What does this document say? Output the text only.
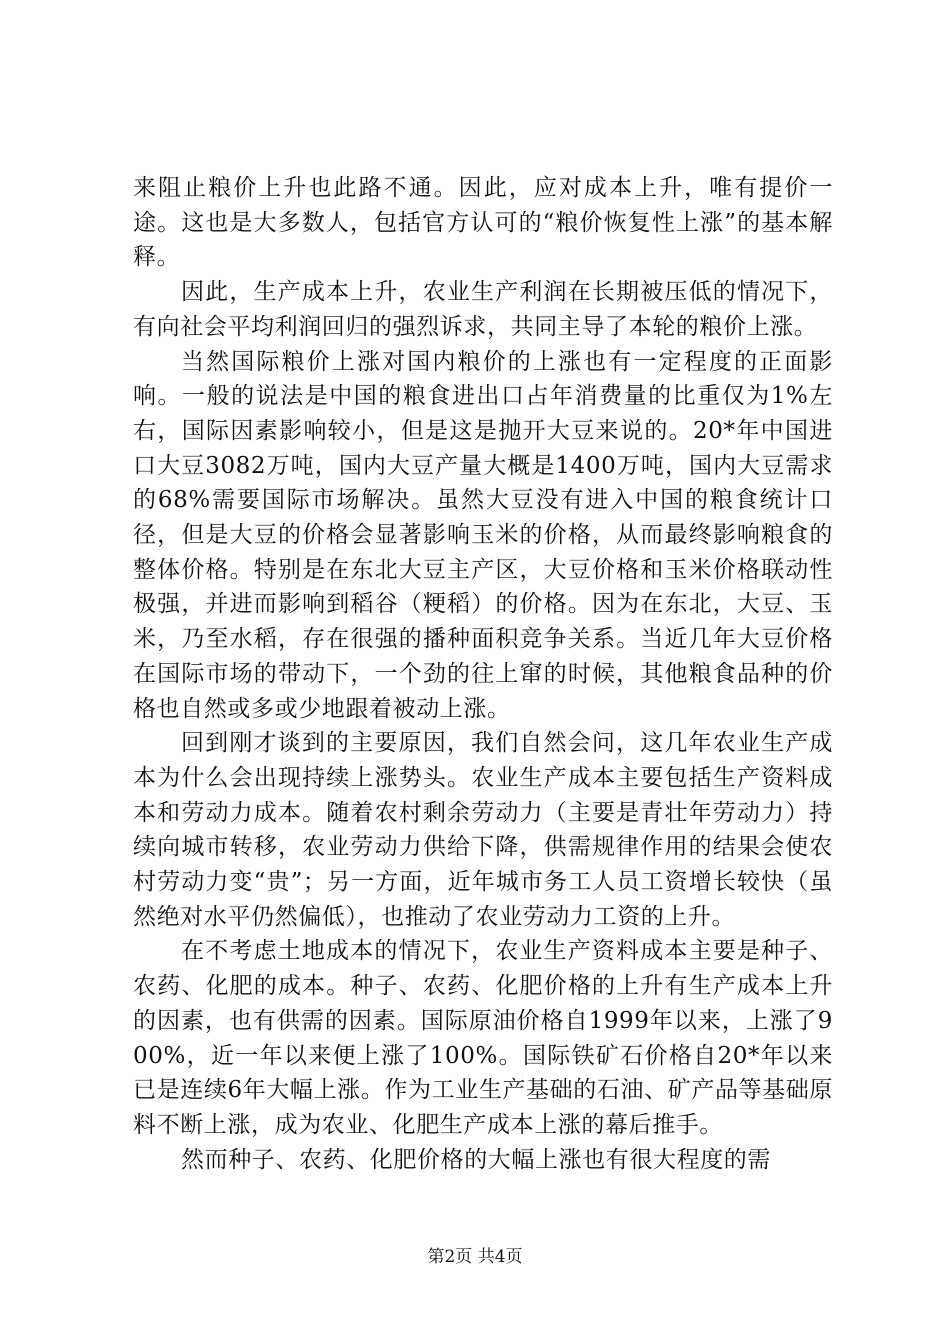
来阻止粮价上升也此路不通。因此，应对成本上升，唯有提价一途。这也是大多数人，包括官方认可的“粮价恢复性上涨”的基本解释。

因此，生产成本上升，农业生产利润在长期被压低的情况下，有向社会平均利润回归的强烈诉求，共同主导了本轮的粮价上涨。

当然国际粮价上涨对国内粮价的上涨也有一定程度的正面影响。一般的说法是中国的粮食进出口占年消费量的比重仅为1%左右，国际因素影响较小，但是这是抛开大豆来说的。20*年中国进口大豆3082万吨，国内大豆产量大概是1400万吨，国内大豆需求的68%需要国际市场解决。虽然大豆没有进入中国的粮食统计口径，但是大豆的价格会显著影响玉米的价格，从而最终影响粮食的整体价格。特别是在东北大豆主产区，大豆价格和玉米价格联动性极强，并进而影响到稻谷（粳稻）的价格。因为在东北，大豆、玉米，乃至水稻，存在很强的播种面积竞争关系。当近几年大豆价格在国际市场的带动下，一个劲的往上窜的时候，其他粮食品种的价格也自然或多或少地跟着被动上涨。

回到刚才谈到的主要原因，我们自然会问，这几年农业生产成本为什么会出现持续上涨势头。农业生产成本主要包括生产资料成本和劳动力成本。随着农村剩余劳动力（主要是青壮年劳动力）持续向城市转移，农业劳动力供给下降，供需规律作用的结果会使农村劳动力变“贵”；另一方面，近年城市务工人员工资增长较快（虽然绝对水平仍然偏低），也推动了农业劳动力工资的上升。

在不考虑土地成本的情况下，农业生产资料成本主要是种子、农药、化肥的成本。种子、农药、化肥价格的上升有生产成本上升的因素，也有供需的因素。国际原油价格自1999年以来，上涨了900%，近一年以来便上涨了100%。国际铁矿石价格自20*年以来已是连续6年大幅上涨。作为工业生产基础的石油、矿产品等基础原料不断上涨，成为农业、化肥生产成本上涨的幕后推手。

然而种子、农药、化肥价格的大幅上涨也有很大程度的需

第2页 共4页
